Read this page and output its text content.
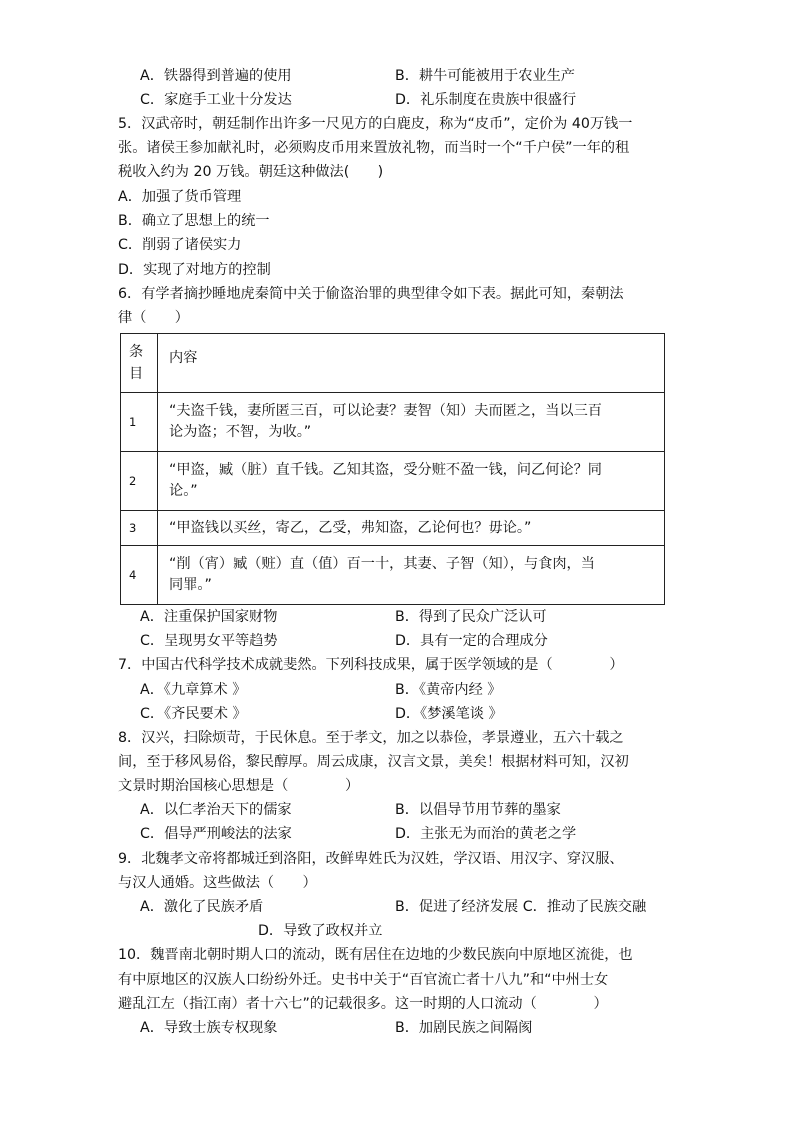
A．铁器得到普遍的使用	B．耕牛可能被用于农业生产
C．家庭手工业十分发达	D．礼乐制度在贵族中很盛行
5．汉武帝时，朝廷制作出许多一尺见方的白鹿皮，称为“皮币”，定价为 40万钱一
张。诸侯王参加献礼时，必须购皮币用来置放礼物，而当时一个“千户侯”一年的租
税收入约为 20 万钱。朝廷这种做法(　　)
A．加强了货币管理
B．确立了思想上的统一
C．削弱了诸侯实力
D．实现了对地方的控制
6．有学者摘抄睡地虎秦简中关于偷盗治罪的典型律令如下表。据此可知，秦朝法
律（　　）
条
目	内容
1	“夫盗千钱，妻所匿三百，可以论妻？妻智（知）夫而匿之，当以三百
论为盗；不智，为收。”

2	“甲盗，臧（脏）直千钱。乙知其盗，受分赃不盈一钱，问乙何论？同
论。”

3	“甲盗钱以买丝，寄乙，乙受，弗知盗，乙论何也？毋论。”

4	“削（宵）臧（赃）直（值）百一十，其妻、子智（知），与食肉，当
同罪。”
A．注重保护国家财物	B．得到了民众广泛认可
C．呈现男女平等趋势	D．具有一定的合理成分
7．中国古代科学技术成就斐然。下列科技成果，属于医学领域的是（　　　　）
A．《九章算术 》	B．《黄帝内经 》
C．《齐民要术 》	D．《梦溪笔谈 》
8．汉兴，扫除烦苛，于民休息。至于孝文，加之以恭俭，孝景遵业，五六十载之
间，至于移风易俗，黎民醇厚。周云成康，汉言文景，美矣！根据材料可知，汉初
文景时期治国核心思想是（　　　　）
A．以仁孝治天下的儒家	B．以倡导节用节葬的墨家
C．倡导严刑峻法的法家	D．主张无为而治的黄老之学
9．北魏孝文帝将都城迁到洛阳，改鲜卑姓氏为汉姓，学汉语、用汉字、穿汉服、
与汉人通婚。这些做法（　　）
A．激化了民族矛盾	B．促进了经济发展 C．推动了民族交融
D．导致了政权并立
10．魏晋南北朝时期人口的流动，既有居住在边地的少数民族向中原地区流徙，也
有中原地区的汉族人口纷纷外迁。史书中关于“百官流亡者十八九”和“中州士女
避乱江左（指江南）者十六七”的记载很多。这一时期的人口流动（　　　　）
A．导致士族专权现象	B．加剧民族之间隔阂
